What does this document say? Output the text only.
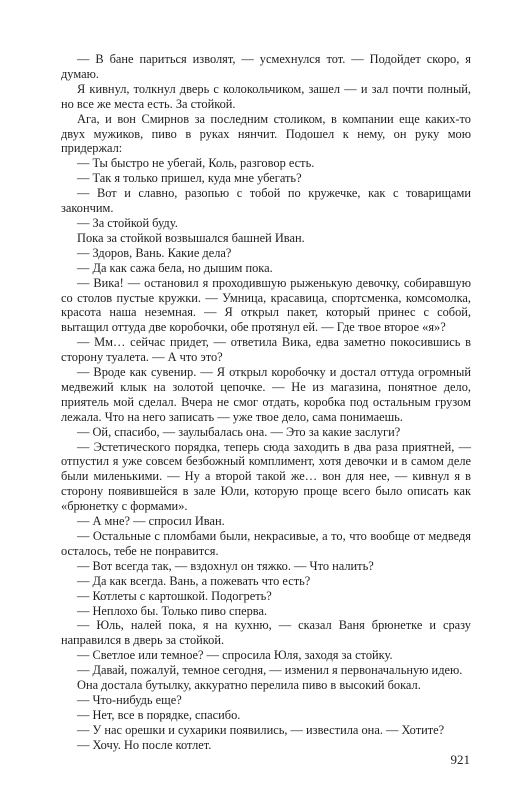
— В бане париться изволят, — усмехнулся тот. — Подойдет скоро, я думаю.

Я кивнул, толкнул дверь с колокольчиком, зашел — и зал почти полный, но все же места есть. За стойкой.

Ага, и вон Смирнов за последним столиком, в компании еще каких-то двух мужиков, пиво в руках нянчит. Подошел к нему, он руку мою придержал:

— Ты быстро не убегай, Коль, разговор есть.

— Так я только пришел, куда мне убегать?

— Вот и славно, разопью с тобой по кружечке, как с товарищами закончим.

— За стойкой буду.

Пока за стойкой возвышался башней Иван.

— Здоров, Вань. Какие дела?

— Да как сажа бела, но дышим пока.

— Вика! — остановил я проходившую рыженькую девочку, собиравшую со столов пустые кружки. — Умница, красавица, спортсменка, комсомолка, красота наша неземная. — Я открыл пакет, который принес с собой, вытащил оттуда две коробочки, обе протянул ей. — Где твое второе «я»?

— Мм… сейчас придет, — ответила Вика, едва заметно покосившись в сторону туалета. — А что это?

— Вроде как сувенир. — Я открыл коробочку и достал оттуда огромный медвежий клык на золотой цепочке. — Не из магазина, понятное дело, приятель мой сделал. Вчера не смог отдать, коробка под остальным грузом лежала. Что на него записать — уже твое дело, сама понимаешь.

— Ой, спасибо, — заулыбалась она. — Это за какие заслуги?

— Эстетического порядка, теперь сюда заходить в два раза приятней, — отпустил я уже совсем безбожный комплимент, хотя девочки и в самом деле были миленькими. — Ну а второй такой же… вон для нее, — кивнул я в сторону появившейся в зале Юли, которую проще всего было описать как «брюнетку с формами».

— А мне? — спросил Иван.

— Остальные с пломбами были, некрасивые, а то, что вообще от медведя осталось, тебе не понравится.

— Вот всегда так, — вздохнул он тяжко. — Что налить?

— Да как всегда. Вань, а пожевать что есть?

— Котлеты с картошкой. Подогреть?

— Неплохо бы. Только пиво сперва.

— Юль, налей пока, я на кухню, — сказал Ваня брюнетке и сразу направился в дверь за стойкой.

— Светлое или темное? — спросила Юля, заходя за стойку.

— Давай, пожалуй, темное сегодня, — изменил я первоначальную идею.

Она достала бутылку, аккуратно перелила пиво в высокий бокал.

— Что-нибудь еще?

— Нет, все в порядке, спасибо.

— У нас орешки и сухарики появились, — известила она. — Хотите?

— Хочу. Но после котлет.

921
